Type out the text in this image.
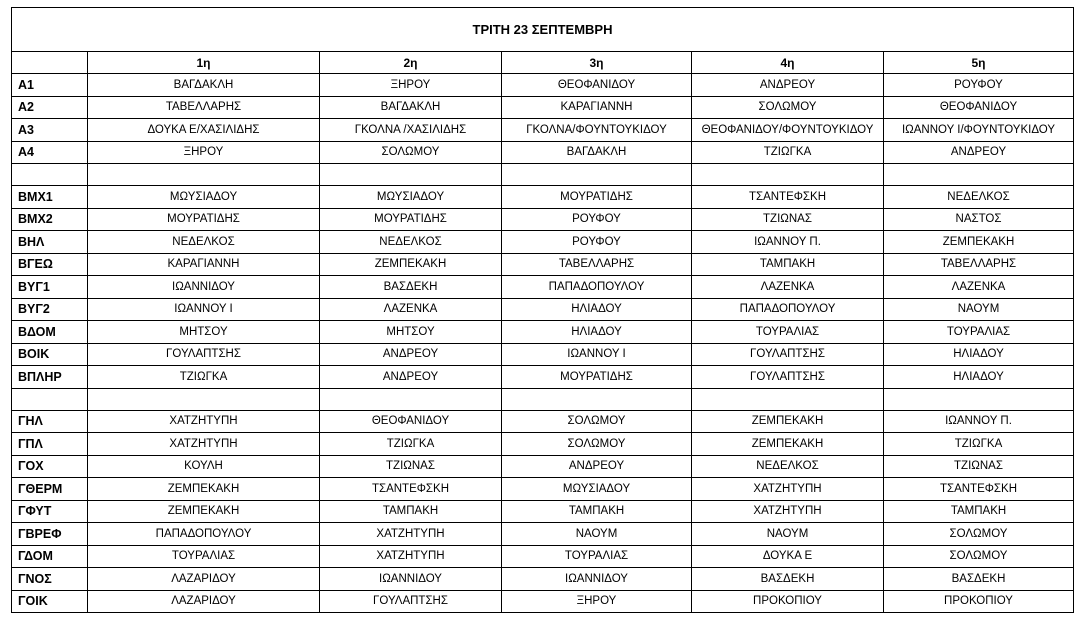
ΤΡΙΤΗ 23 ΣΕΠΤΕΜΒΡΗ					
	1η	2η	3η	4η	5η
Α1	ΒΑΓΔΑΚΛΗ	ΞΗΡΟΥ	ΘΕΟΦΑΝΙΔΟΥ	ΑΝΔΡΕΟΥ	ΡΟΥΦΟΥ
Α2	ΤΑΒΕΛΛΑΡΗΣ	ΒΑΓΔΑΚΛΗ	ΚΑΡΑΓΙΑΝΝΗ	ΣΟΛΩΜΟΥ	ΘΕΟΦΑΝΙΔΟΥ
Α3	ΔΟΥΚΑ Ε/ΧΑΣΙΛΙΔΗΣ	ΓΚΟΛΝΑ /ΧΑΣΙΛΙΔΗΣ	ΓΚΟΛΝΑ/ΦΟΥΝΤΟΥΚΙΔΟΥ	ΘΕΟΦΑΝΙΔΟΥ/ΦΟΥΝΤΟΥΚΙΔΟΥ	ΙΩΑΝΝΟΥ Ι/ΦΟΥΝΤΟΥΚΙΔΟΥ
Α4	ΞΗΡΟΥ	ΣΟΛΩΜΟΥ	ΒΑΓΔΑΚΛΗ	ΤΖΙΩΓΚΑ	ΑΝΔΡΕΟΥ

ΒΜΧ1	ΜΩΥΣΙΑΔΟΥ	ΜΩΥΣΙΑΔΟΥ	ΜΟΥΡΑΤΙΔΗΣ	ΤΣΑΝΤΕΦΣΚΗ	ΝΕΔΕΛΚΟΣ
ΒΜΧ2	ΜΟΥΡΑΤΙΔΗΣ	ΜΟΥΡΑΤΙΔΗΣ	ΡΟΥΦΟΥ	ΤΖΙΩΝΑΣ	ΝΑΣΤΟΣ
ΒΗΛ	ΝΕΔΕΛΚΟΣ	ΝΕΔΕΛΚΟΣ	ΡΟΥΦΟΥ	ΙΩΑΝΝΟΥ Π.	ΖΕΜΠΕΚΑΚΗ
ΒΓΕΩ	ΚΑΡΑΓΙΑΝΝΗ	ΖΕΜΠΕΚΑΚΗ	ΤΑΒΕΛΛΑΡΗΣ	ΤΑΜΠΑΚΗ	ΤΑΒΕΛΛΑΡΗΣ
ΒΥΓ1	ΙΩΑΝΝΙΔΟΥ	ΒΑΣΔΕΚΗ	ΠΑΠΑΔΟΠΟΥΛΟΥ	ΛΑΖΕΝΚΑ	ΛΑΖΕΝΚΑ
ΒΥΓ2	ΙΩΑΝΝΟΥ Ι	ΛΑΖΕΝΚΑ	ΗΛΙΑΔΟΥ	ΠΑΠΑΔΟΠΟΥΛΟΥ	ΝΑΟΥΜ
ΒΔΟΜ	ΜΗΤΣΟΥ	ΜΗΤΣΟΥ	ΗΛΙΑΔΟΥ	ΤΟΥΡΑΛΙΑΣ	ΤΟΥΡΑΛΙΑΣ
ΒΟΙΚ	ΓΟΥΛΑΠΤΣΗΣ	ΑΝΔΡΕΟΥ	ΙΩΑΝΝΟΥ Ι	ΓΟΥΛΑΠΤΣΗΣ	ΗΛΙΑΔΟΥ
ΒΠΛΗΡ	ΤΖΙΩΓΚΑ	ΑΝΔΡΕΟΥ	ΜΟΥΡΑΤΙΔΗΣ	ΓΟΥΛΑΠΤΣΗΣ	ΗΛΙΑΔΟΥ

ΓΗΛ	ΧΑΤΖΗΤΥΠΗ	ΘΕΟΦΑΝΙΔΟΥ	ΣΟΛΩΜΟΥ	ΖΕΜΠΕΚΑΚΗ	ΙΩΑΝΝΟΥ Π.
ΓΠΛ	ΧΑΤΖΗΤΥΠΗ	ΤΖΙΩΓΚΑ	ΣΟΛΩΜΟΥ	ΖΕΜΠΕΚΑΚΗ	ΤΖΙΩΓΚΑ
ΓΟΧ	ΚΟΥΛΗ	ΤΖΙΩΝΑΣ	ΑΝΔΡΕΟΥ	ΝΕΔΕΛΚΟΣ	ΤΖΙΩΝΑΣ
ΓΘΕΡΜ	ΖΕΜΠΕΚΑΚΗ	ΤΣΑΝΤΕΦΣΚΗ	ΜΩΥΣΙΑΔΟΥ	ΧΑΤΖΗΤΥΠΗ	ΤΣΑΝΤΕΦΣΚΗ
ΓΦΥΤ	ΖΕΜΠΕΚΑΚΗ	ΤΑΜΠΑΚΗ	ΤΑΜΠΑΚΗ	ΧΑΤΖΗΤΥΠΗ	ΤΑΜΠΑΚΗ
ΓΒΡΕΦ	ΠΑΠΑΔΟΠΟΥΛΟΥ	ΧΑΤΖΗΤΥΠΗ	ΝΑΟΥΜ	ΝΑΟΥΜ	ΣΟΛΩΜΟΥ
ΓΔΟΜ	ΤΟΥΡΑΛΙΑΣ	ΧΑΤΖΗΤΥΠΗ	ΤΟΥΡΑΛΙΑΣ	ΔΟΥΚΑ Ε	ΣΟΛΩΜΟΥ
ΓΝΟΣ	ΛΑΖΑΡΙΔΟΥ	ΙΩΑΝΝΙΔΟΥ	ΙΩΑΝΝΙΔΟΥ	ΒΑΣΔΕΚΗ	ΒΑΣΔΕΚΗ
ΓΟΙΚ	ΛΑΖΑΡΙΔΟΥ	ΓΟΥΛΑΠΤΣΗΣ	ΞΗΡΟΥ	ΠΡΟΚΟΠΙΟΥ	ΠΡΟΚΟΠΙΟΥ
